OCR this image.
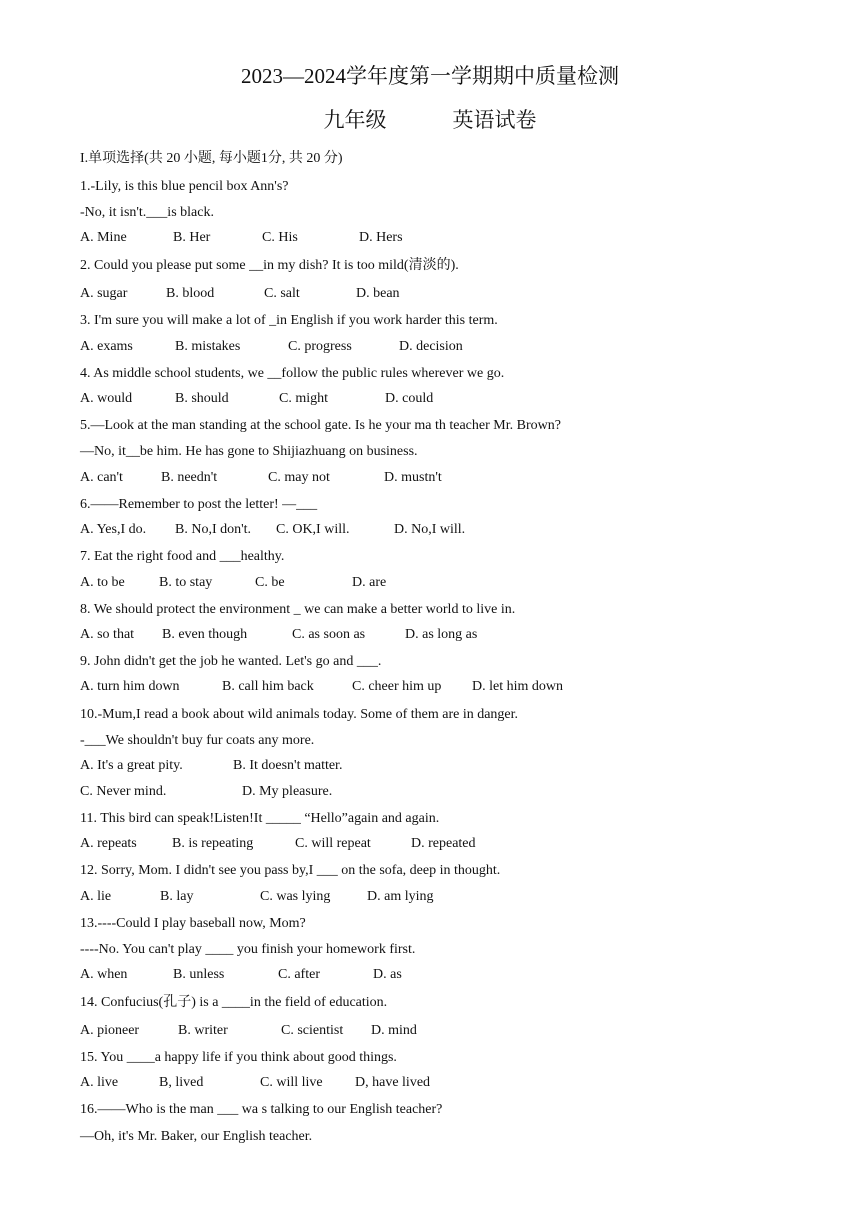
2023—2024学年度第一学期期中质量检测
九年级	英语试卷
I.单项选择(共 20 小题, 每小题1分, 共 20 分)
1.-Lily, is this blue pencil box Ann's?
-No, it isn't.___is black.
A. Mine	B. Her	C. His	D. Hers
2. Could you please put some __in my dish? It is too mild(清淡的).
A. sugar	B. blood	C. salt	D. bean
3. I'm sure you will make a lot of _in English if you work harder this term.
A. exams	B. mistakes	C. progress	D. decision
4. As middle school students, we __follow the public rules wherever we go.
A. would	B. should	C. might	D. could
5.—Look at the man standing at the school gate. Is he your ma th teacher Mr. Brown?
—No, it__be him. He has gone to Shijiazhuang on business.
A. can't	B. needn't	C. may not	D. mustn't
6.——Remember to post the letter! —___
A. Yes,I do. B. No,I don't. C. OK,I will.	D. No,I will.
7. Eat the right food and ___healthy.
A. to be B. to stay	C. be	D. are
8. We should protect the environment _ we can make a better world to live in.
A. so that B. even though	C. as soon as	D. as long as
9. John didn't get the job he wanted. Let's go and ___.
A. turn him down	B. call him back	C. cheer him up D. let him down
10.-Mum,I read a book about wild animals today. Some of them are in danger.
-___We shouldn't buy fur coats any more.
A. It's a great pity.	B. It doesn't matter.
C. Never mind.	D. My pleasure.
11. This bird can speak!Listen!It _____ “Hello”again and again.
A. repeats	B. is repeating	C. will repeat	D. repeated
12. Sorry, Mom. I didn't see you pass by,I ___ on the sofa, deep in thought.
A. lie	B. lay	C. was lying	D. am lying
13.----Could I play baseball now, Mom?
----No. You can't play ____ you finish your homework first.
A. when	B. unless	C. after	D. as
14. Confucius(孔子) is a ____in the field of education.
A. pioneer	B. writer	C. scientist D. mind
15. You ____a happy life if you think about good things.
A. live	B, lived	C. will live D, have lived
16.——Who is the man ___ wa s talking to our English teacher?
—Oh, it's Mr. Baker, our English teacher.
